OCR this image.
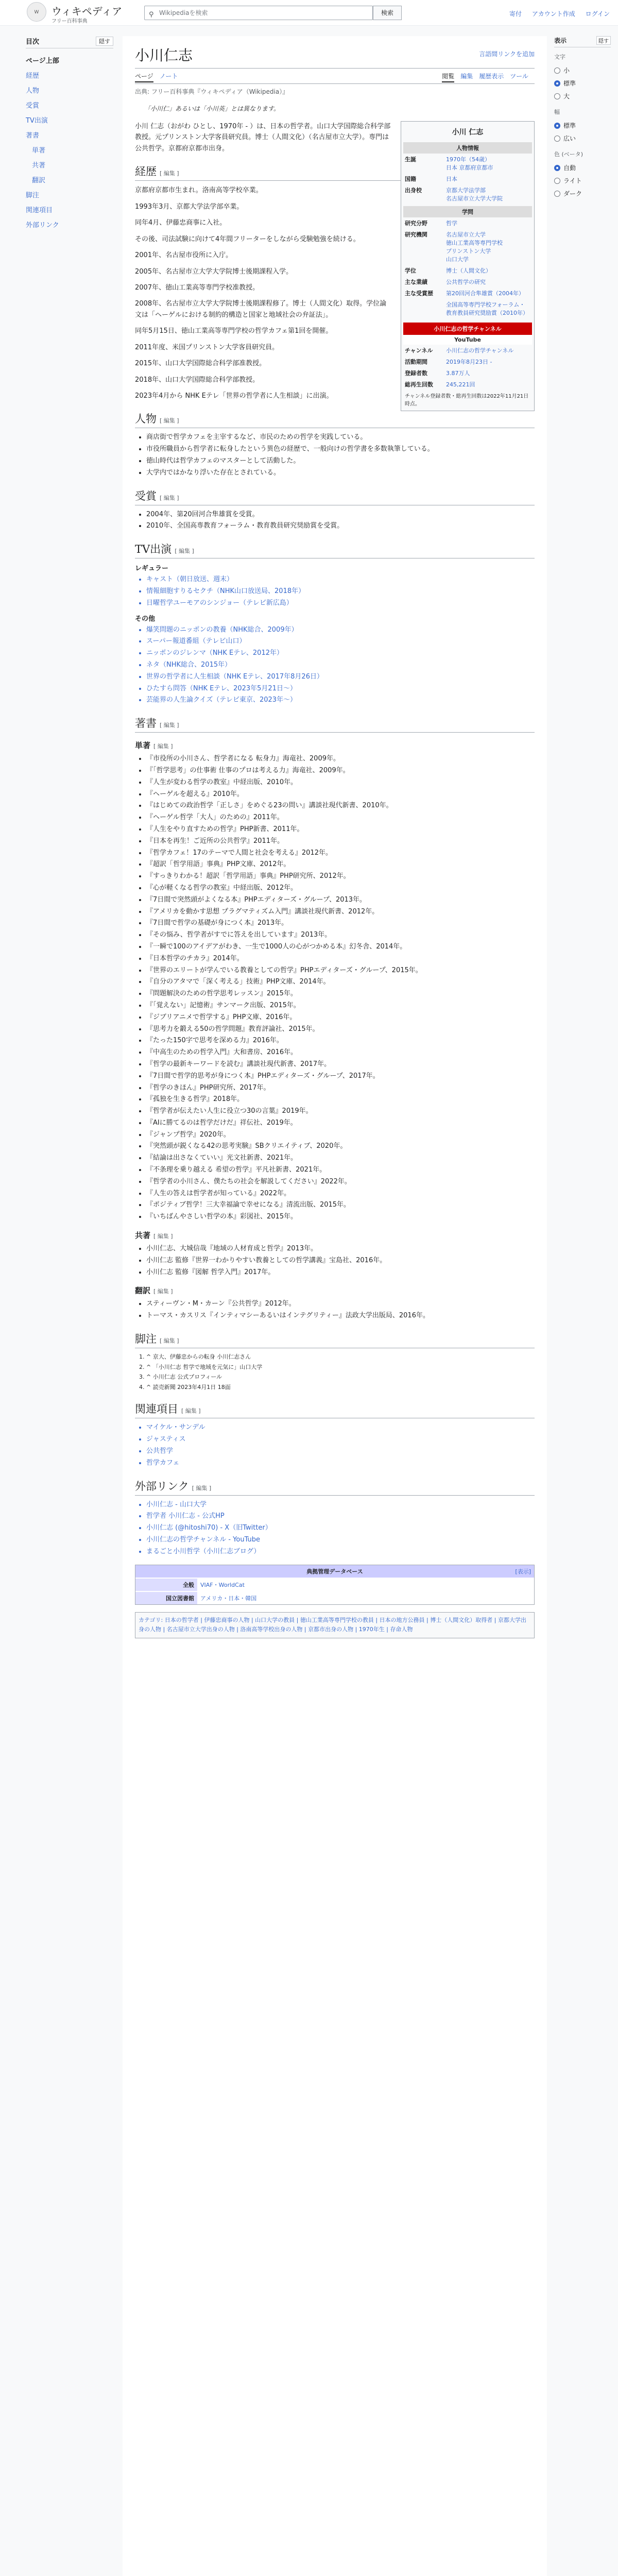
W	ウィキペディア
フリー百科事典
⚲ Wikipediaを検索	検索	寄付 アカウント作成 ログイン
目次	隠す
ページ上部
経歴
人物
受賞
TV出演
著書
単著
共著
翻訳
脚注
関連項目
外部リンク
小川仁志	言語間リンクを追加
ページ ノート	閲覧 編集 履歴表示 ツール
出典: フリー百科事典『ウィキペディア（Wikipedia）』
「小川仁」あるいは「小川英」とは異なります。
小川 仁志
人物情報
生誕	1970年（54歳）
日本 京都府京都市
国籍	日本
出身校	京都大学法学部
名古屋市立大学大学院
学問
研究分野	哲学
研究機関	名古屋市立大学
徳山工業高等専門学校
プリンストン大学
山口大学
学位	博士（人間文化）
主な業績	公共哲学の研究
主な受賞歴	第20回河合隼雄賞（2004年）
	全国高等専門学校フォーラム・教育教員研究奨励賞（2010年）
小川仁志の哲学チャンネル
YouTube
チャンネル	小川仁志の哲学チャンネル
活動期間	2019年8月23日 -
登録者数	3.87万人
総再生回数	245,221回
チャンネル登録者数・総再生回数は2022年11月21日時点。

小川 仁志（おがわ ひとし、1970年 - ）は、日本の哲学者。山口大学国際総合科学部教授。元プリンストン大学客員研究員。博士（人間文化）（名古屋市立大学）。専門は公共哲学。京都府京都市出身。

経歴 [ 編集 ]

京都府京都市生まれ。洛南高等学校卒業。

1993年3月、京都大学法学部卒業。

同年4月、伊藤忠商事に入社。

その後、司法試験に向けて4年間フリーターをしながら受験勉強を続ける。

2001年、名古屋市役所に入庁。

2005年、名古屋市立大学大学院博士後期課程入学。

2007年、徳山工業高等専門学校准教授。

2008年、名古屋市立大学大学院博士後期課程修了。博士（人間文化）取得。学位論文は「ヘーゲルにおける制約的構造と国家と地域社会の弁証法」。

同年5月15日、徳山工業高等専門学校の哲学カフェ第1回を開催。

2011年度、米国プリンストン大学客員研究員。

2015年、山口大学国際総合科学部准教授。

2018年、山口大学国際総合科学部教授。

2023年4月から NHK Eテレ「世界の哲学者に人生相談」に出演。

人物 [ 編集 ]
• 商店街で哲学カフェを主宰するなど、市民のための哲学を実践している。
• 市役所職員から哲学者に転身したという異色の経歴で、一般向けの哲学書を多数執筆している。
• 徳山時代は哲学カフェのマスターとして活動した。
• 大学内ではかなり浮いた存在とされている。
受賞 [ 編集 ]
• 2004年、第20回河合隼雄賞を受賞。
• 2010年、全国高専教育フォーラム・教育教員研究奨励賞を受賞。
TV出演 [ 編集 ]
レギュラー
• キャスト（朝日放送、週末）
• 情報細胞すりるセクチ（NHK山口放送局、2018年）
• 日曜哲学ユーモアのシンジョー（テレビ新広島）
その他
• 爆笑問題のニッポンの教養（NHK総合、2009年）
• スーパー報道番組（テレビ山口）
• ニッポンのジレンマ（NHK Eテレ、2012年）
• ネタ（NHK総合、2015年）
• 世界の哲学者に人生相談（NHK Eテレ、2017年8月26日）
• ひたすら問答（NHK Eテレ、2023年5月21日～）
• 芸能界の人生論クイズ（テレビ東京、2023年～）
著書 [ 編集 ]
単著 [ 編集 ]
• 『市役所の小川さん、哲学者になる 転身力』海竜社、2009年。
• 『「哲学思考」の仕事術 仕事のプロは考える力』海竜社、2009年。
• 『人生が変わる哲学の教室』中経出版、2010年。
• 『ヘーゲルを超える』2010年。
• 『はじめての政治哲学「正しさ」をめぐる23の問い』講談社現代新書、2010年。
• 『ヘーゲル哲学「大人」のための』2011年。
• 『人生をやり直すための哲学』PHP新書、2011年。
• 『日本を再生！ご近所の公共哲学』2011年。
• 『哲学カフェ！17のテーマで人間と社会を考える』2012年。
• 『超訳「哲学用語」事典』PHP文庫、2012年。
• 『すっきりわかる！超訳「哲学用語」事典』PHP研究所、2012年。
• 『心が軽くなる哲学の教室』中経出版、2012年。
• 『7日間で突然頭がよくなる本』PHPエディターズ・グループ、2013年。
• 『アメリカを動かす思想 プラグマティズム入門』講談社現代新書、2012年。
• 『7日間で哲学の基礎が身につく本』2013年。
• 『その悩み、哲学者がすでに答えを出しています』2013年。
• 『一瞬で100のアイデアがわき、一生で1000人の心がつかめる本』幻冬舎、2014年。
• 『日本哲学のチカラ』2014年。
• 『世界のエリートが学んでいる教養としての哲学』PHPエディターズ・グループ、2015年。
• 『自分のアタマで「深く考える」技術』PHP文庫、2014年。
• 『問題解決のための哲学思考レッスン』2015年。
• 『「覚えない」記憶術』サンマーク出版、2015年。
• 『ジブリアニメで哲学する』PHP文庫、2016年。
• 『思考力を鍛える50の哲学問題』教育評論社、2015年。
• 『たった150字で思考を深める力』2016年。
• 『中高生のための哲学入門』大和書房、2016年。
• 『哲学の最新キーワードを読む』講談社現代新書、2017年。
• 『7日間で哲学的思考が身につく本』PHPエディターズ・グループ、2017年。
• 『哲学のきほん』PHP研究所、2017年。
• 『孤独を生きる哲学』2018年。
• 『哲学者が伝えたい人生に役立つ30の言葉』2019年。
• 『AIに勝てるのは哲学だけだ』祥伝社、2019年。
• 『ジャンプ哲学』2020年。
• 『突然頭が鋭くなる42の思考実験』SBクリエイティブ、2020年。
• 『結論は出さなくていい』光文社新書、2021年。
• 『不条理を乗り越える 希望の哲学』平凡社新書、2021年。
• 『哲学者の小川さん、僕たちの社会を解説してください』2022年。
• 『人生の答えは哲学者が知っている』2022年。
• 『ポジティブ哲学！三大幸福論で幸せになる』清流出版、2015年。
• 『いちばんやさしい哲学の本』彩図社、2015年。
共著 [ 編集 ]
• 小川仁志、大城信哉『地域の人材育成と哲学』2013年。
• 小川仁志 監修『世界一わかりやすい教養としての哲学講義』宝島社、2016年。
• 小川仁志 監修『図解 哲学入門』2017年。
翻訳 [ 編集 ]
• スティーヴン・M・カーン『公共哲学』2012年。
• トーマス・カスリス『インティマシーあるいはインテグリティー』法政大学出版局、2016年。
脚注 [ 編集 ]
1. ^ 京大、伊藤忠からの転身 小川仁志さん
2. ^ 「小川仁志 哲学で地域を元気に」山口大学
3. ^ 小川仁志 公式プロフィール
4. ^ 読売新聞 2023年4月1日 18面
関連項目 [ 編集 ]
• マイケル・サンデル
• ジャスティス
• 公共哲学
• 哲学カフェ
外部リンク [ 編集 ]
• 小川仁志 - 山口大学
• 哲学者 小川仁志 - 公式HP
• 小川仁志 (@hitoshi70) - X（旧Twitter）
• 小川仁志の哲学チャンネル - YouTube
• まるごと小川哲学（小川仁志ブログ）
典拠管理データベース	[表示]
全般	VIAF・WorldCat
国立図書館	アメリカ・日本・韓国
カテゴリ: 日本の哲学者 | 伊藤忠商事の人物 | 山口大学の教員 | 徳山工業高等専門学校の教員 | 日本の地方公務員 | 博士（人間文化）取得者 | 京都大学出身の人物 | 名古屋市立大学出身の人物 | 洛南高等学校出身の人物 | 京都市出身の人物 | 1970年生 | 存命人物
表示	隠す
文字
小
標準
大
幅
標準
広い
色 (ベータ)
自動
ライト
ダーク
